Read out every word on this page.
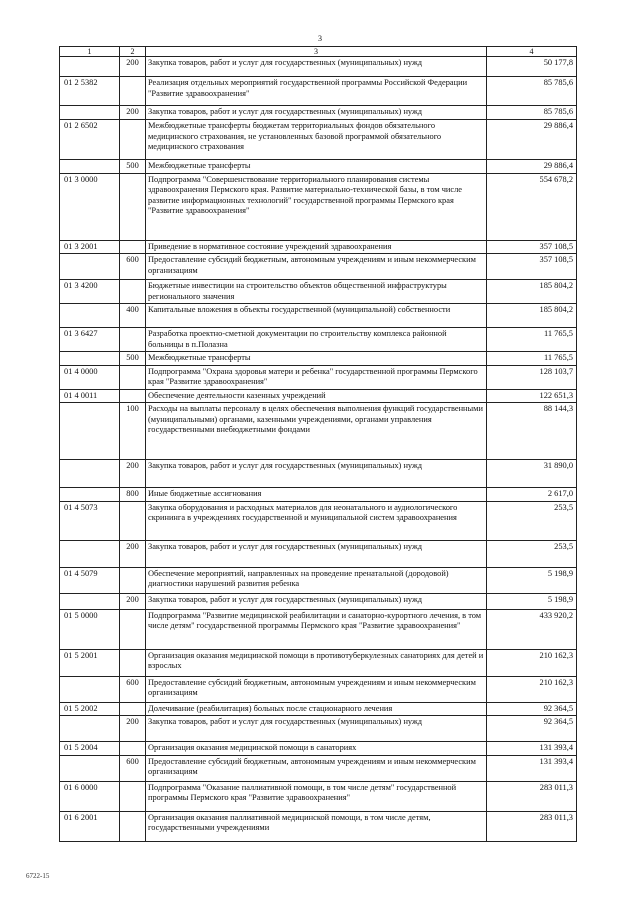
3
1	2	3	4
	200	Закупка товаров, работ и услуг для государственных (муниципальных) нужд	50 177,8
01 2 5382		Реализация отдельных мероприятий государственной программы Российской Федерации "Развитие здравоохранения"	85 785,6
	200	Закупка товаров, работ и услуг для государственных (муниципальных) нужд	85 785,6
01 2 6502		Межбюджетные трансферты бюджетам территориальных фондов обязательного медицинского страхования, не установленных базовой программой обязательного медицинского страхования	29 886,4
	500	Межбюджетные трансферты	29 886,4
01 3 0000		Подпрограмма "Совершенствование территориального планирования системы здравоохранения Пермского края. Развитие материально-технической базы, в том числе развитие информационных технологий" государственной программы Пермского края "Развитие здравоохранения"	554 678,2
01 3 2001		Приведение в нормативное состояние учреждений здравоохранения	357 108,5
	600	Предоставление субсидий бюджетным, автономным учреждениям и иным некоммерческим организациям	357 108,5
01 3 4200		Бюджетные инвестиции на строительство объектов общественной инфраструктуры регионального значения	185 804,2
	400	Капитальные вложения в объекты государственной (муниципальной) собственности	185 804,2
01 3 6427		Разработка проектно-сметной документации по строительству комплекса районной больницы в п.Полазна	11 765,5
	500	Межбюджетные трансферты	11 765,5
01 4 0000		Подпрограмма "Охрана здоровья матери и ребенка" государственной программы Пермского края "Развитие здравоохранения"	128 103,7
01 4 0011		Обеспечение деятельности казенных учреждений	122 651,3
	100	Расходы на выплаты персоналу в целях обеспечения выполнения функций государственными (муниципальными) органами, казенными учреждениями, органами управления государственными внебюджетными фондами	88 144,3
	200	Закупка товаров, работ и услуг для государственных (муниципальных) нужд	31 890,0
	800	Иные бюджетные ассигнования	2 617,0
01 4 5073		Закупка оборудования и расходных материалов для неонатального и аудиологического скрининга в учреждениях государственной и муниципальной систем здравоохранения	253,5
	200	Закупка товаров, работ и услуг для государственных (муниципальных) нужд	253,5
01 4 5079		Обеспечение мероприятий, направленных на проведение пренатальной (дородовой) диагностики нарушений развития ребенка	5 198,9
	200	Закупка товаров, работ и услуг для государственных (муниципальных) нужд	5 198,9
01 5 0000		Подпрограмма "Развитие медицинской реабилитации и санаторно-курортного лечения, в том числе детям" государственной программы Пермского края "Развитие здравоохранения"	433 920,2
01 5 2001		Организация оказания медицинской помощи в противотуберкулезных санаториях для детей и взрослых	210 162,3
	600	Предоставление субсидий бюджетным, автономным учреждениям и иным некоммерческим организациям	210 162,3
01 5 2002		Долечивание (реабилитация) больных после стационарного лечения	92 364,5
	200	Закупка товаров, работ и услуг для государственных (муниципальных) нужд	92 364,5
01 5 2004		Организация оказания медицинской помощи в санаториях	131 393,4
	600	Предоставление субсидий бюджетным, автономным учреждениям и иным некоммерческим организациям	131 393,4
01 6 0000		Подпрограмма "Оказание паллиативной помощи, в том числе детям" государственной программы Пермского края "Развитие здравоохранения"	283 011,3
01 6 2001		Организация оказания паллиативной медицинской помощи, в том числе детям, государственными учреждениями	283 011,3
6722-15
